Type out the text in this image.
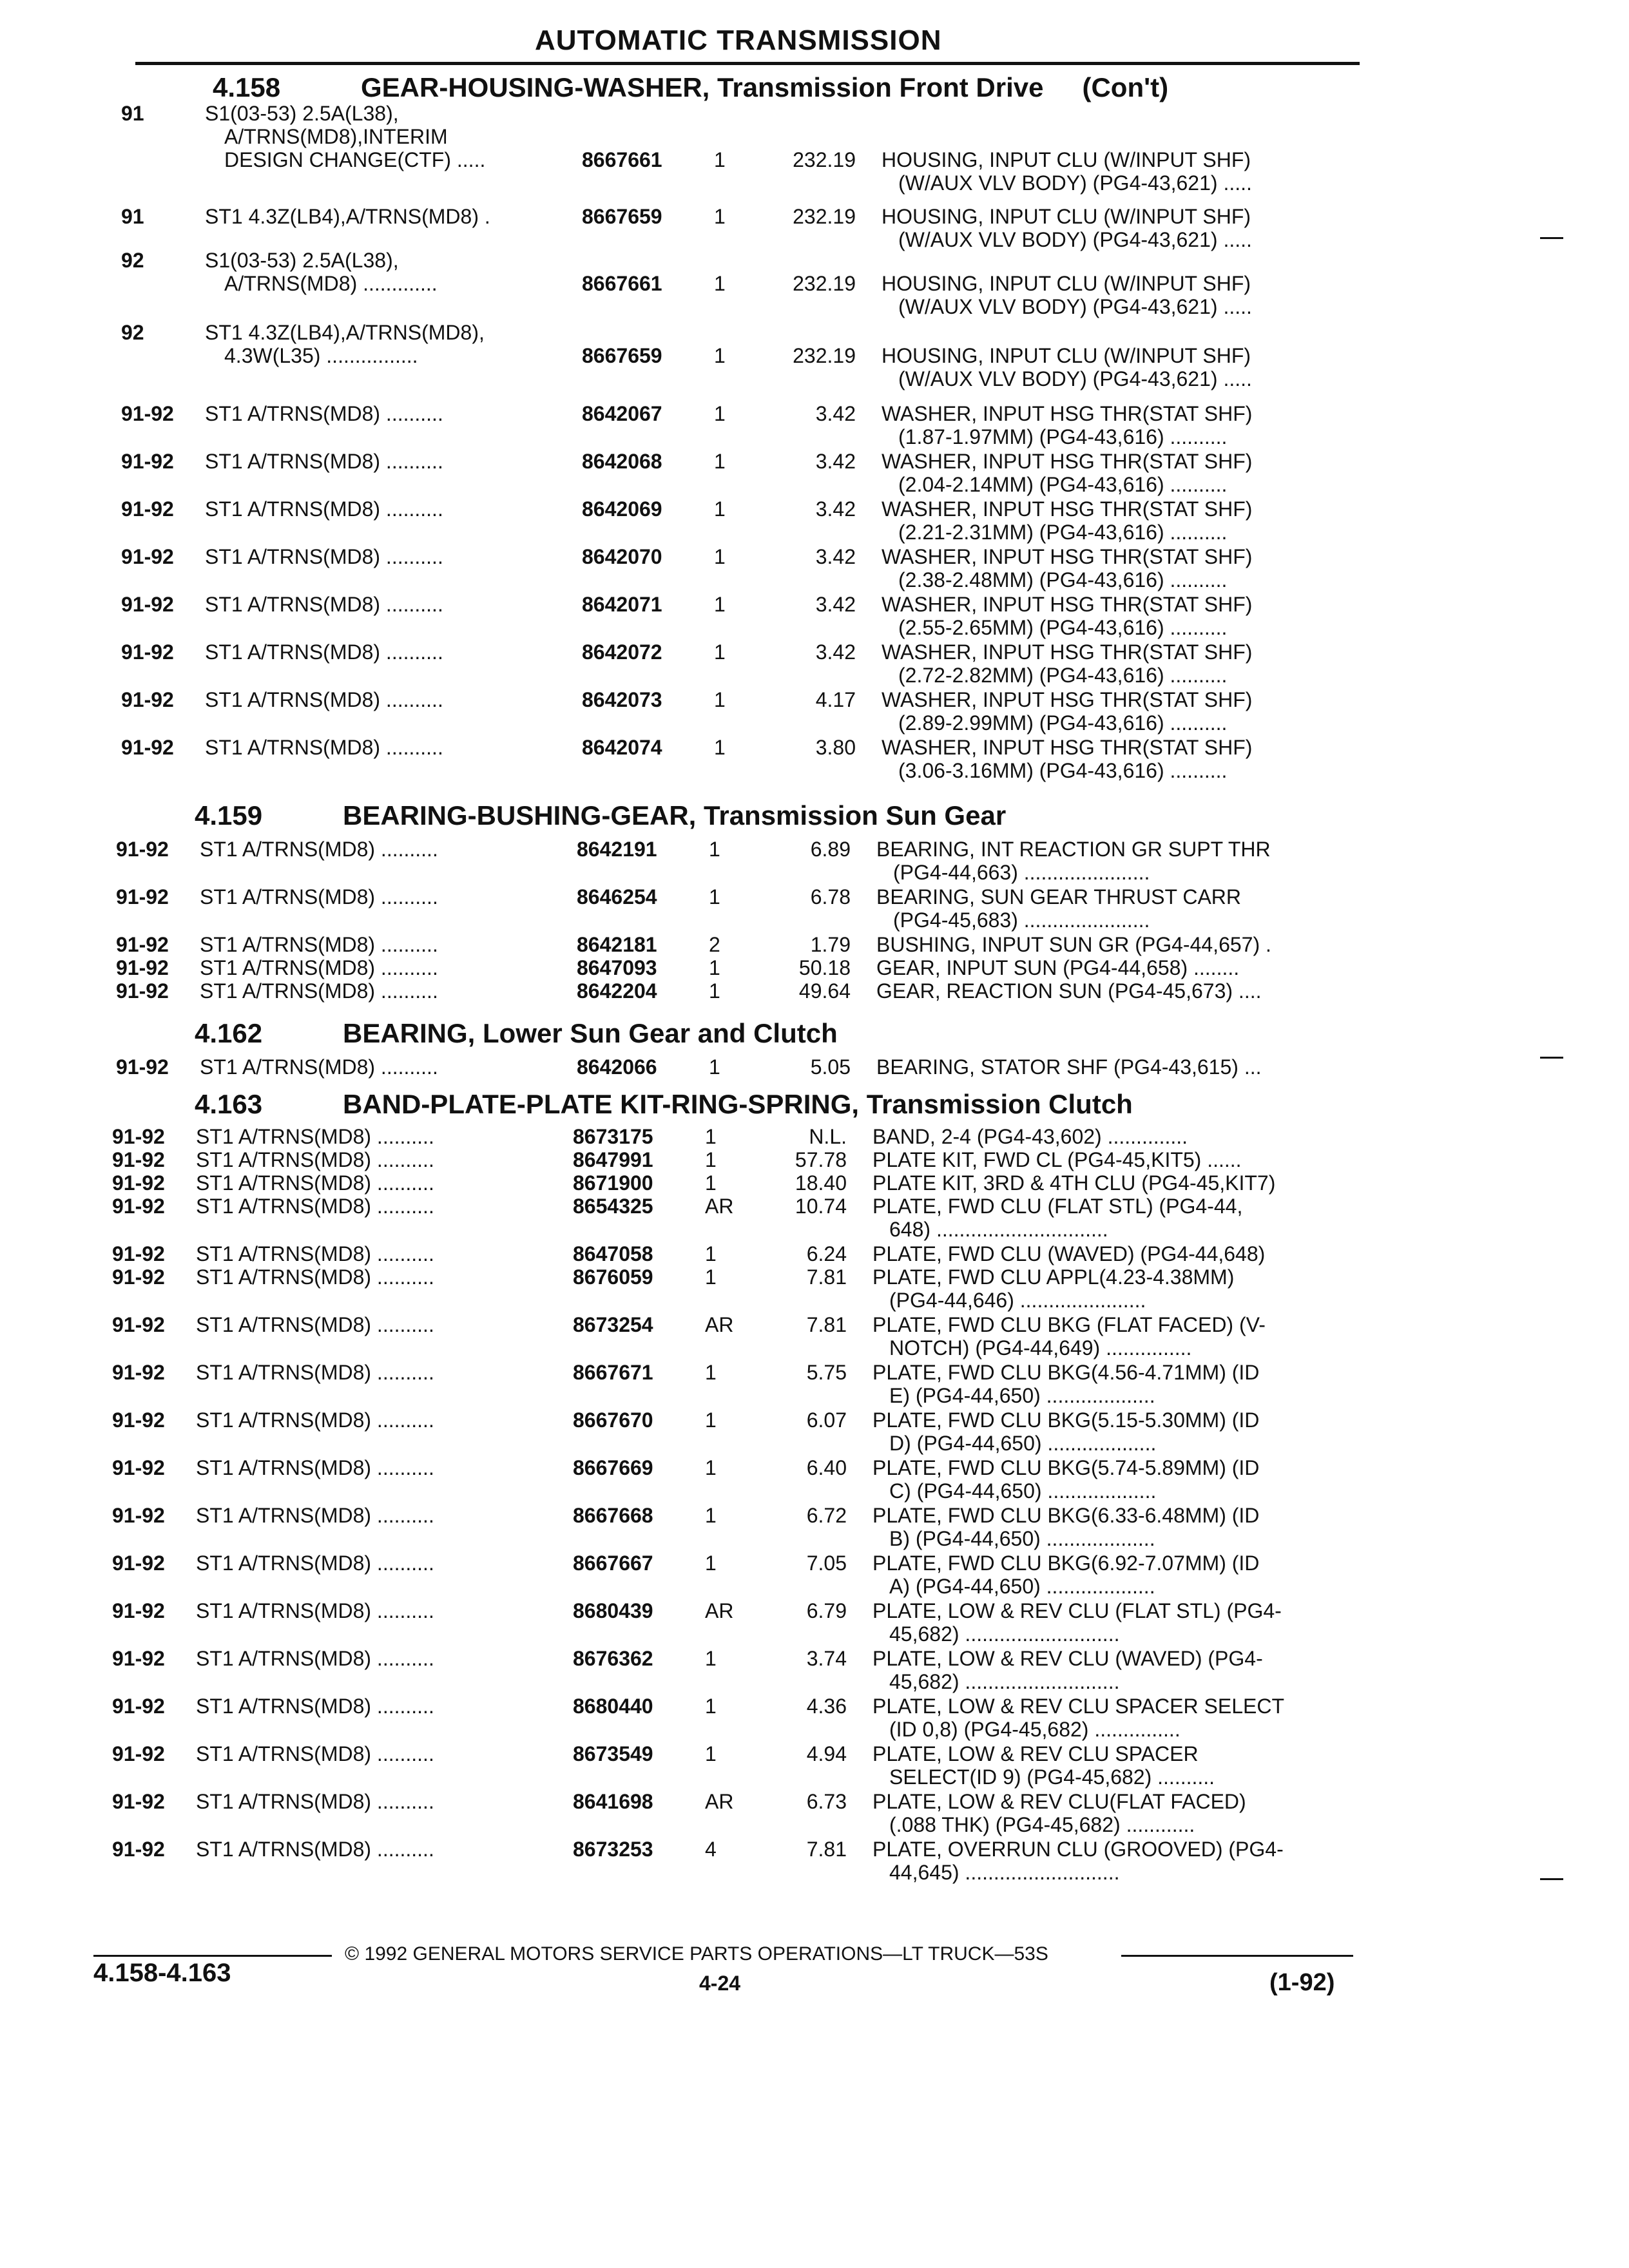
AUTOMATIC TRANSMISSION
4.158	GEAR-HOUSING-WASHER, Transmission Front Drive (Con't)
91	S1(03-53) 2.5A(L38),
A/TRNS(MD8),INTERIM
DESIGN CHANGE(CTF) .....	8667661	1	232.19 HOUSING, INPUT CLU (W/INPUT SHF)
(W/AUX VLV BODY) (PG4-43,621) .....
91	ST1 4.3Z(LB4),A/TRNS(MD8) .	8667659	1	232.19 HOUSING, INPUT CLU (W/INPUT SHF)
(W/AUX VLV BODY) (PG4-43,621) .....
92	S1(03-53) 2.5A(L38),
A/TRNS(MD8) .............	8667661	1	232.19 HOUSING, INPUT CLU (W/INPUT SHF)
(W/AUX VLV BODY) (PG4-43,621) .....
92	ST1 4.3Z(LB4),A/TRNS(MD8),
4.3W(L35) ................	8667659	1	232.19 HOUSING, INPUT CLU (W/INPUT SHF)
(W/AUX VLV BODY) (PG4-43,621) .....
91-92 ST1 A/TRNS(MD8) ..........	8642067	1	3.42 WASHER, INPUT HSG THR(STAT SHF)
(1.87-1.97MM) (PG4-43,616) ..........
91-92 ST1 A/TRNS(MD8) ..........	8642068	1	3.42 WASHER, INPUT HSG THR(STAT SHF)
(2.04-2.14MM) (PG4-43,616) ..........
91-92 ST1 A/TRNS(MD8) ..........	8642069	1	3.42 WASHER, INPUT HSG THR(STAT SHF)
(2.21-2.31MM) (PG4-43,616) ..........
91-92 ST1 A/TRNS(MD8) ..........	8642070	1	3.42 WASHER, INPUT HSG THR(STAT SHF)
(2.38-2.48MM) (PG4-43,616) ..........
91-92 ST1 A/TRNS(MD8) ..........	8642071	1	3.42 WASHER, INPUT HSG THR(STAT SHF)
(2.55-2.65MM) (PG4-43,616) ..........
91-92 ST1 A/TRNS(MD8) ..........	8642072	1	3.42 WASHER, INPUT HSG THR(STAT SHF)
(2.72-2.82MM) (PG4-43,616) ..........
91-92 ST1 A/TRNS(MD8) ..........	8642073	1	4.17 WASHER, INPUT HSG THR(STAT SHF)
(2.89-2.99MM) (PG4-43,616) ..........
91-92 ST1 A/TRNS(MD8) ..........	8642074	1	3.80 WASHER, INPUT HSG THR(STAT SHF)
(3.06-3.16MM) (PG4-43,616) ..........
4.159	BEARING-BUSHING-GEAR, Transmission Sun Gear
91-92 ST1 A/TRNS(MD8) ..........	8642191	1	6.89 BEARING, INT REACTION GR SUPT THR
(PG4-44,663) ......................
91-92 ST1 A/TRNS(MD8) ..........	8646254	1	6.78 BEARING, SUN GEAR THRUST CARR
(PG4-45,683) ......................
91-92 ST1 A/TRNS(MD8) ..........	8642181	2	1.79 BUSHING, INPUT SUN GR (PG4-44,657) .
91-92 ST1 A/TRNS(MD8) ..........	8647093	1	50.18 GEAR, INPUT SUN (PG4-44,658) ........
91-92 ST1 A/TRNS(MD8) ..........	8642204	1	49.64 GEAR, REACTION SUN (PG4-45,673) ....
4.162	BEARING, Lower Sun Gear and Clutch
91-92 ST1 A/TRNS(MD8) ..........	8642066	1	5.05 BEARING, STATOR SHF (PG4-43,615) ...
4.163	BAND-PLATE-PLATE KIT-RING-SPRING, Transmission Clutch
91-92 ST1 A/TRNS(MD8) ..........	8673175	1	N.L. BAND, 2-4 (PG4-43,602) ..............
91-92 ST1 A/TRNS(MD8) ..........	8647991	1	57.78 PLATE KIT, FWD CL (PG4-45,KIT5) ......
91-92 ST1 A/TRNS(MD8) ..........	8671900	1	18.40 PLATE KIT, 3RD & 4TH CLU (PG4-45,KIT7)
91-92 ST1 A/TRNS(MD8) ..........	8654325	AR	10.74 PLATE, FWD CLU (FLAT STL) (PG4-44,
648) ..............................
91-92 ST1 A/TRNS(MD8) ..........	8647058	1	6.24 PLATE, FWD CLU (WAVED) (PG4-44,648)
91-92 ST1 A/TRNS(MD8) ..........	8676059	1	7.81 PLATE, FWD CLU APPL(4.23-4.38MM)
(PG4-44,646) ......................
91-92 ST1 A/TRNS(MD8) ..........	8673254	AR	7.81 PLATE, FWD CLU BKG (FLAT FACED) (V-
NOTCH) (PG4-44,649) ...............
91-92 ST1 A/TRNS(MD8) ..........	8667671	1	5.75 PLATE, FWD CLU BKG(4.56-4.71MM) (ID
E) (PG4-44,650) ...................
91-92 ST1 A/TRNS(MD8) ..........	8667670	1	6.07 PLATE, FWD CLU BKG(5.15-5.30MM) (ID
D) (PG4-44,650) ...................
91-92 ST1 A/TRNS(MD8) ..........	8667669	1	6.40 PLATE, FWD CLU BKG(5.74-5.89MM) (ID
C) (PG4-44,650) ...................
91-92 ST1 A/TRNS(MD8) ..........	8667668	1	6.72 PLATE, FWD CLU BKG(6.33-6.48MM) (ID
B) (PG4-44,650) ...................
91-92 ST1 A/TRNS(MD8) ..........	8667667	1	7.05 PLATE, FWD CLU BKG(6.92-7.07MM) (ID
A) (PG4-44,650) ...................
91-92 ST1 A/TRNS(MD8) ..........	8680439	AR	6.79 PLATE, LOW & REV CLU (FLAT STL) (PG4-
45,682) ...........................
91-92 ST1 A/TRNS(MD8) ..........	8676362	1	3.74 PLATE, LOW & REV CLU (WAVED) (PG4-
45,682) ...........................
91-92 ST1 A/TRNS(MD8) ..........	8680440	1	4.36 PLATE, LOW & REV CLU SPACER SELECT
(ID 0,8) (PG4-45,682) ...............
91-92 ST1 A/TRNS(MD8) ..........	8673549	1	4.94 PLATE, LOW & REV CLU SPACER
SELECT(ID 9) (PG4-45,682) ..........
91-92 ST1 A/TRNS(MD8) ..........	8641698	AR	6.73 PLATE, LOW & REV CLU(FLAT FACED)
(.088 THK) (PG4-45,682) ............
91-92 ST1 A/TRNS(MD8) ..........	8673253	4	7.81 PLATE, OVERRUN CLU (GROOVED) (PG4-
44,645) ...........................
© 1992 GENERAL MOTORS SERVICE PARTS OPERATIONS—LT TRUCK—53S
4.158-4.163	4-24	(1-92)
